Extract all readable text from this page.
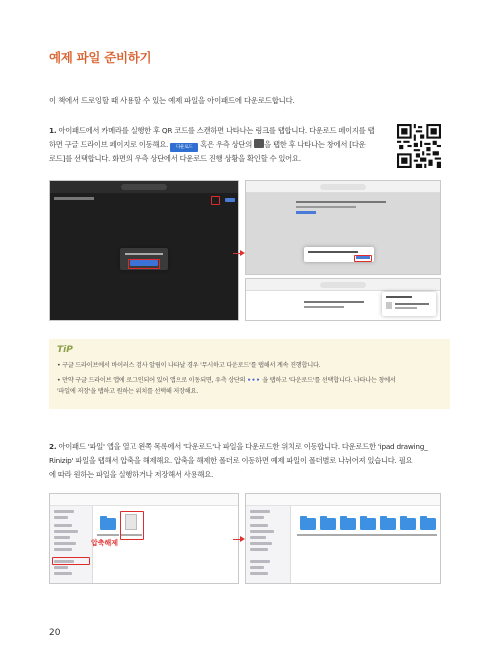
예제 파일 준비하기
이 책에서 드로잉할 때 사용할 수 있는 예제 파일을 아이패드에 다운로드합니다.
1. 아이패드에서 카메라를 실행한 후 QR 코드를 스캔하면 나타나는 링크를 탭합니다. 다운로드 페이지를 탭
하면 구글 드라이브 페이지로 이동해요. 다운로드 혹은 우측 상단의 을 탭한 후 나타나는 창에서 [다운
로드]를 선택합니다. 화면의 우측 상단에서 다운로드 진행 상황을 확인할 수 있어요.
TiP
• 구글 드라이브에서 바이러스 검사 알림이 나타날 경우 '무시하고 다운로드'를 탭해서 계속 진행합니다.
• 만약 구글 드라이브 앱에 로그인되어 있어 앱으로 이동되면, 우측 상단의 ••• 을 탭하고 '다운로드'를 선택합니다. 나타나는 창에서
'파일에 저장'을 탭하고 원하는 위치를 선택해 저장해요.
2. 아이패드 '파일' 앱을 열고 왼쪽 목록에서 '다운로드'나 파일을 다운로드한 위치로 이동합니다. 다운로드한 'ipad drawing_
Rinizip' 파일을 탭해서 압축을 해제해요. 압축을 해제한 폴더로 이동하면 예제 파일이 폴더별로 나뉘어져 있습니다. 필요
에 따라 원하는 파일을 실행하거나 저장해서 사용해요.
압축해제
20
